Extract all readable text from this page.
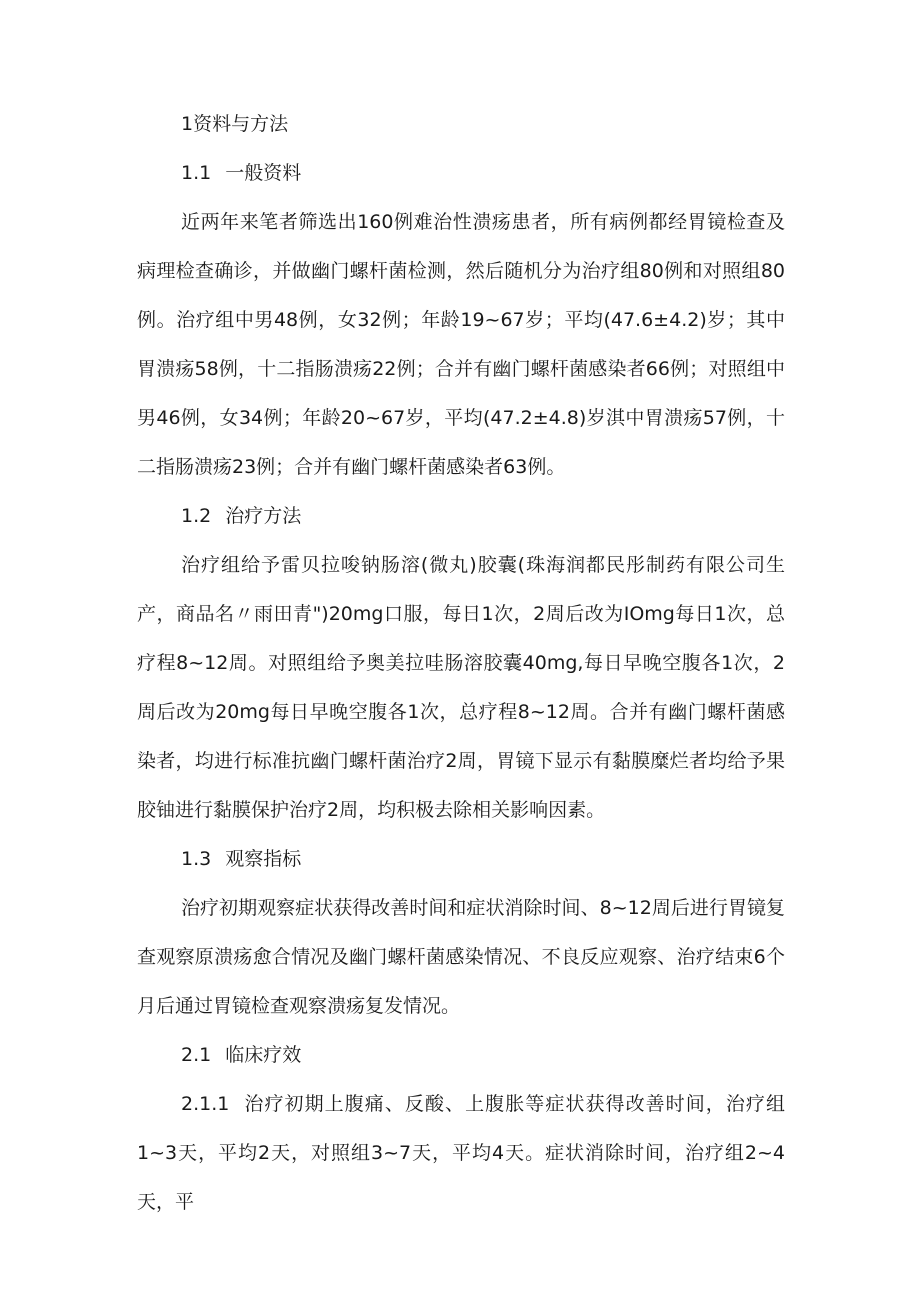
1资料与方法
1.1 一般资料

近两年来笔者筛选出160例难治性溃疡患者，所有病例都经胃镜检查及病理检查确诊，并做幽门螺杆菌检测，然后随机分为治疗组80例和对照组80例。治疗组中男48例，女32例；年龄19~67岁；平均(47.6±4.2)岁；其中胃溃疡58例，十二指肠溃疡22例；合并有幽门螺杆菌感染者66例；对照组中男46例，女34例；年龄20~67岁，平均(47.2±4.8)岁淇中胃溃疡57例，十二指肠溃疡23例；合并有幽门螺杆菌感染者63例。

1.2 治疗方法

治疗组给予雷贝拉唆钠肠溶(微丸)胶囊(珠海润都民彤制药有限公司生产，商品名〃雨田青")20mg口服，每日1次，2周后改为IOmg每日1次，总疗程8~12周。对照组给予奥美拉哇肠溶胶囊40mg,每日早晚空腹各1次，2周后改为20mg每日早晚空腹各1次，总疗程8~12周。合并有幽门螺杆菌感染者，均进行标准抗幽门螺杆菌治疗2周，胃镜下显示有黏膜糜烂者均给予果胶铀进行黏膜保护治疗2周，均积极去除相关影响因素。

1.3 观察指标

治疗初期观察症状获得改善时间和症状消除时间、8~12周后进行胃镜复查观察原溃疡愈合情况及幽门螺杆菌感染情况、不良反应观察、治疗结束6个月后通过胃镜检查观察溃疡复发情况。

2.1 临床疗效

2.1.1 治疗初期上腹痛、反酸、上腹胀等症状获得改善时间，治疗组1~3天，平均2天，对照组3~7天，平均4天。症状消除时间，治疗组2~4天，平
